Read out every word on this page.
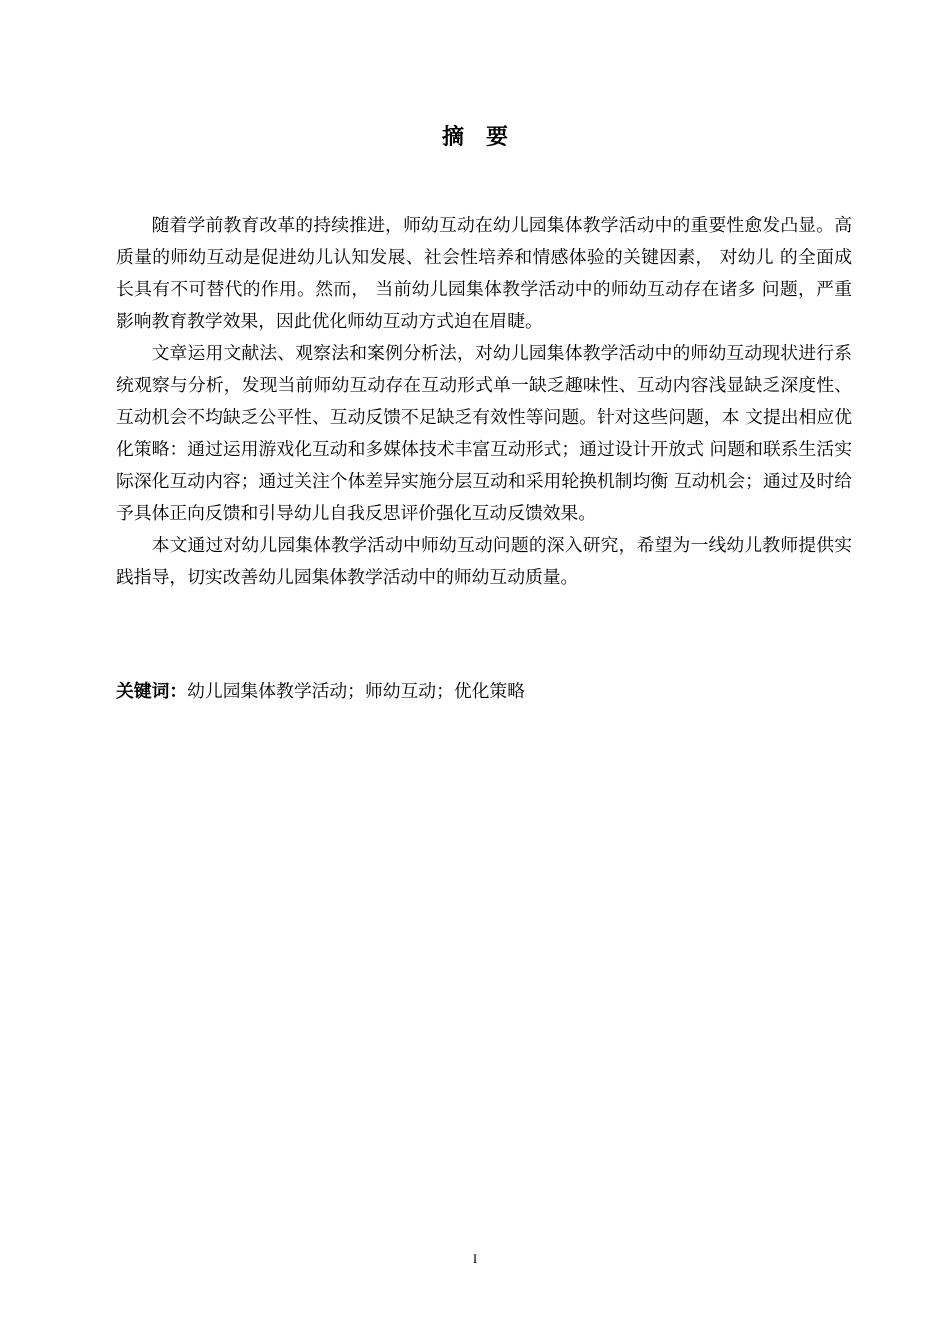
摘要

随着学前教育改革的持续推进，师幼互动在幼儿园集体教学活动中的重要性愈发凸显。高质量的师幼互动是促进幼儿认知发展、社会性培养和情感体验的关键因素， 对幼儿 的全面成长具有不可替代的作用。然而， 当前幼儿园集体教学活动中的师幼互动存在诸多 问题，严重影响教育教学效果，因此优化师幼互动方式迫在眉睫。

文章运用文献法、观察法和案例分析法，对幼儿园集体教学活动中的师幼互动现状进行系统观察与分析，发现当前师幼互动存在互动形式单一缺乏趣味性、互动内容浅显缺乏深度性、互动机会不均缺乏公平性、互动反馈不足缺乏有效性等问题。针对这些问题，本 文提出相应优化策略：通过运用游戏化互动和多媒体技术丰富互动形式；通过设计开放式 问题和联系生活实际深化互动内容；通过关注个体差异实施分层互动和采用轮换机制均衡 互动机会；通过及时给予具体正向反馈和引导幼儿自我反思评价强化互动反馈效果。

本文通过对幼儿园集体教学活动中师幼互动问题的深入研究，希望为一线幼儿教师提供实践指导，切实改善幼儿园集体教学活动中的师幼互动质量。

关键词：幼儿园集体教学活动；师幼互动；优化策略
I
